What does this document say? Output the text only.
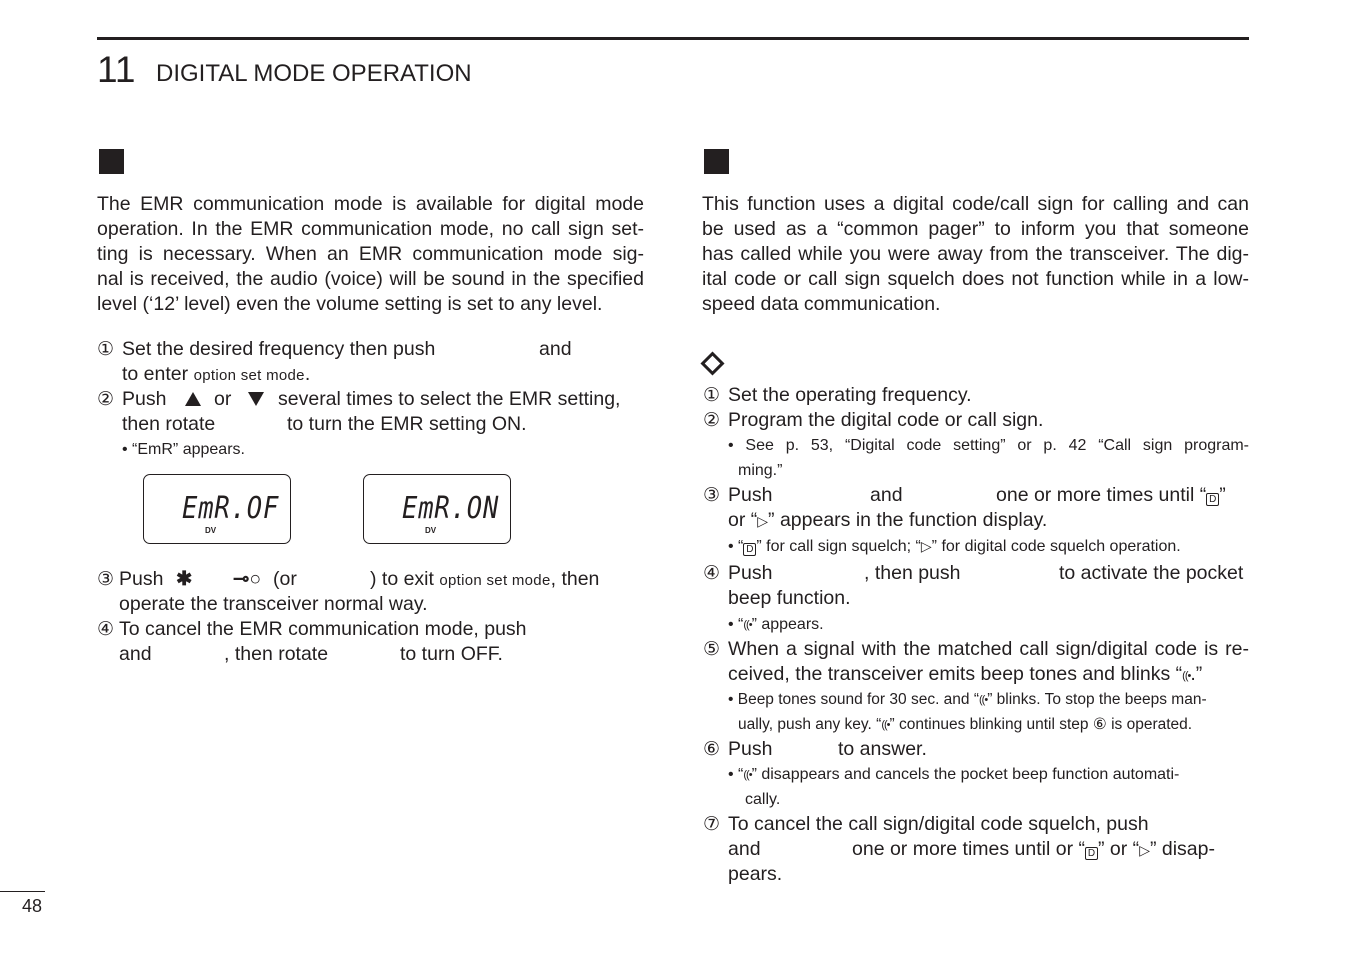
11 DIGITAL MODE OPERATION
The EMR communication mode is available for digital mode
operation. In the EMR communication mode, no call sign set-
ting is necessary. When an EMR communication mode sig-
nal is received, the audio (voice) will be sound in the specified
level (‘12’ level) even the volume setting is set to any level.
① Set the desired frequency then push	and
to enter option set mode.
② Push or several times to select the EMR setting,
then rotate	to turn the EMR setting ON.
• “EmR” appears.
EmR.OF
DV
EmR.ON
DV
③ Push ✱ ⊸○ (or	) to exit option set mode, then
operate the transceiver normal way.
④ To cancel the EMR communication mode, push
and	, then rotate	to turn OFF.
This function uses a digital code/call sign for calling and can
be used as a “common pager” to inform you that someone
has called while you were away from the transceiver. The dig-
ital code or call sign squelch does not function while in a low-
speed data communication.
① Set the operating frequency.
② Program the digital code or call sign.
• See p. 53, “Digital code setting” or p. 42 “Call sign program-
ming.”
③ Push	and	one or more times until “ D ”
or “▷” appears in the function display.
• “ D ” for call sign squelch; “▷” for digital code squelch operation.
④ Push	, then push	to activate the pocket
beep function.
• “((•” appears.
⑤ When a signal with the matched call sign/digital code is re-
ceived, the transceiver emits beep tones and blinks “((•.”
• Beep tones sound for 30 sec. and “((•” blinks. To stop the beeps man-
ually, push any key. “((•” continues blinking until step ⑥ is operated.
⑥ Push	to answer.
• “((•” disappears and cancels the pocket beep function automati-
cally.
⑦ To cancel the call sign/digital code squelch, push
and	one or more times until or “ D ” or “▷” disap-
pears.
48
